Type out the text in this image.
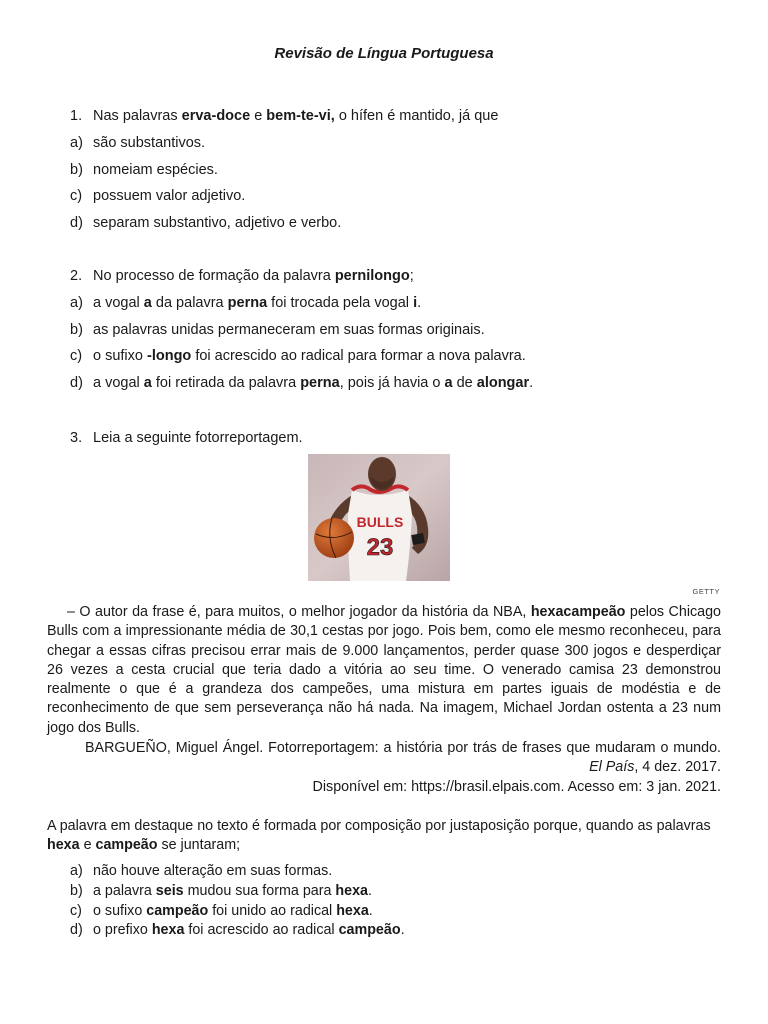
Revisão de Língua Portuguesa
1. Nas palavras erva-doce e bem-te-vi, o hífen é mantido, já que
a) são substantivos.
b) nomeiam espécies.
c) possuem valor adjetivo.
d) separam substantivo, adjetivo e verbo.
2. No processo de formação da palavra pernilongo;
a) a vogal a da palavra perna foi trocada pela vogal i.
b) as palavras unidas permaneceram em suas formas originais.
c) o sufixo -longo foi acrescido ao radical para formar a nova palavra.
d) a vogal a foi retirada da palavra perna, pois já havia o a de alongar.
3. Leia a seguinte fotorreportagem.
BULLS
23
GETTY

– O autor da frase é, para muitos, o melhor jogador da história da NBA, hexacampeão pelos Chicago Bulls com a impressionante média de 30,1 cestas por jogo. Pois bem, como ele mesmo reconheceu, para chegar a essas cifras precisou errar mais de 9.000 lançamentos, perder quase 300 jogos e desperdiçar 26 vezes a cesta crucial que teria dado a vitória ao seu time. O venerado camisa 23 demonstrou realmente o que é a grandeza dos campeões, uma mistura em partes iguais de modéstia e de reconhecimento de que sem perseverança não há nada. Na imagem, Michael Jordan ostenta a 23 num jogo dos Bulls.

BARGUEÑO, Miguel Ángel. Fotorreportagem: a história por trás de frases que mudaram o mundo. El País, 4 dez. 2017.
Disponível em: https://brasil.elpais.com. Acesso em: 3 jan. 2021.
A palavra em destaque no texto é formada por composição por justaposição porque, quando as palavras hexa e campeão se juntaram;
a) não houve alteração em suas formas.
b) a palavra seis mudou sua forma para hexa.
c) o sufixo campeão foi unido ao radical hexa.
d) o prefixo hexa foi acrescido ao radical campeão.
